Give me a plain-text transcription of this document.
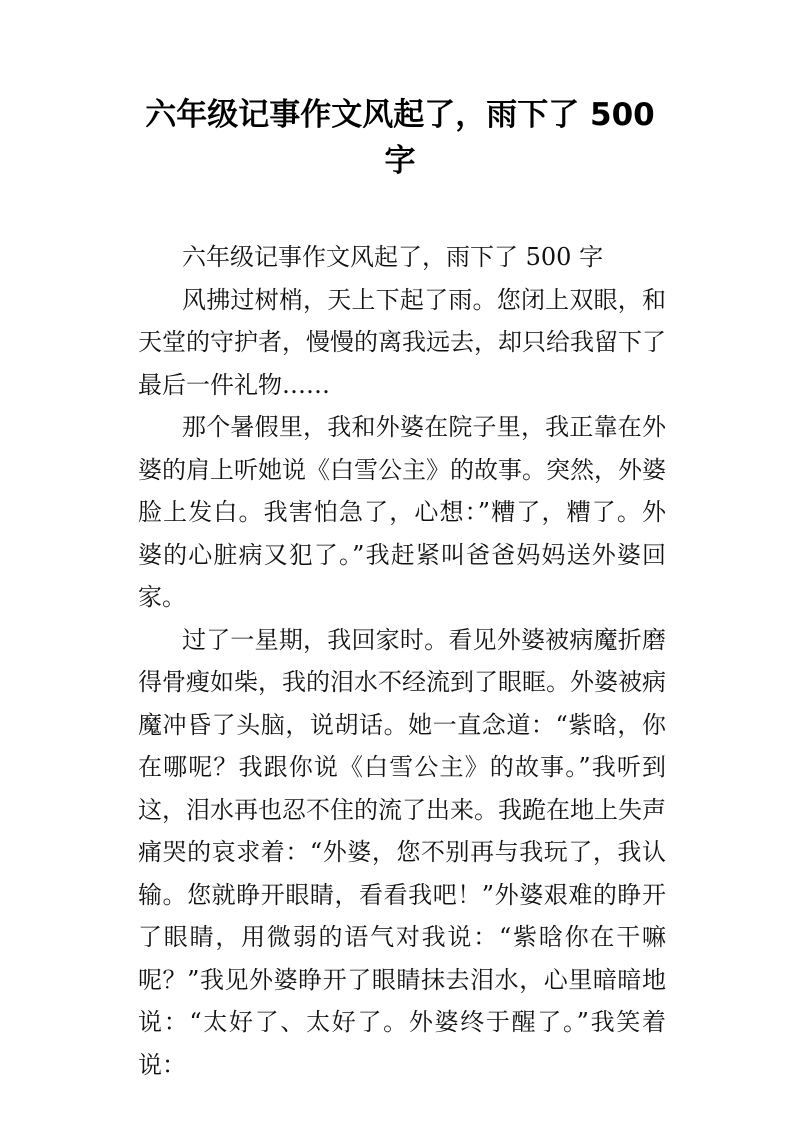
六年级记事作文风起了，雨下了 500 字

六年级记事作文风起了，雨下了 500 字

风拂过树梢，天上下起了雨。您闭上双眼，和天堂的守护者，慢慢的离我远去，却只给我留下了最后一件礼物……

那个暑假里，我和外婆在院子里，我正靠在外婆的肩上听她说《白雪公主》的故事。突然，外婆脸上发白。我害怕急了，心想：”糟了，糟了。外婆的心脏病又犯了。”我赶紧叫爸爸妈妈送外婆回家。

过了一星期，我回家时。看见外婆被病魔折磨得骨瘦如柴，我的泪水不经流到了眼眶。外婆被病魔冲昏了头脑，说胡话。她一直念道：“紫晗，你在哪呢？我跟你说《白雪公主》的故事。”我听到这，泪水再也忍不住的流了出来。我跪在地上失声痛哭的哀求着：“外婆，您不别再与我玩了，我认输。您就睁开眼睛，看看我吧！”外婆艰难的睁开了眼睛，用微弱的语气对我说：“紫晗你在干嘛呢？”我见外婆睁开了眼睛抹去泪水，心里暗暗地说：“太好了、太好了。外婆终于醒了。”我笑着说：
